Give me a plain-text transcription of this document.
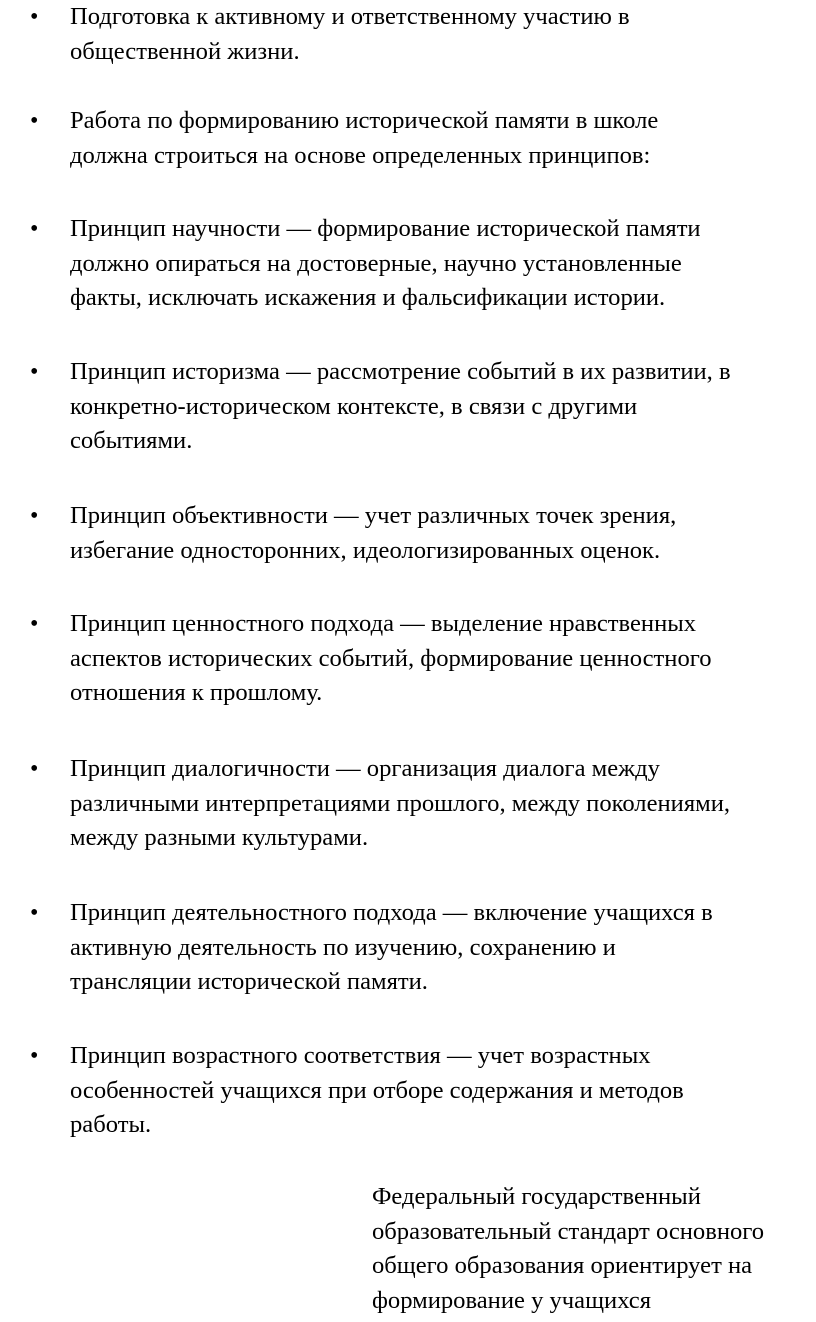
• Подготовка к активному и ответственному участию в
общественной жизни.
• Работа по формированию исторической памяти в школе
должна строиться на основе определенных принципов:
• Принцип научности — формирование исторической памяти
должно опираться на достоверные, научно установленные
факты, исключать искажения и фальсификации истории.
• Принцип историзма — рассмотрение событий в их развитии, в
конкретно-историческом контексте, в связи с другими
событиями.
• Принцип объективности — учет различных точек зрения,
избегание односторонних, идеологизированных оценок.
• Принцип ценностного подхода — выделение нравственных
аспектов исторических событий, формирование ценностного
отношения к прошлому.
• Принцип диалогичности — организация диалога между
различными интерпретациями прошлого, между поколениями,
между разными культурами.
• Принцип деятельностного подхода — включение учащихся в
активную деятельность по изучению, сохранению и
трансляции исторической памяти.
• Принцип возрастного соответствия — учет возрастных
особенностей учащихся при отборе содержания и методов
работы.
Федеральный государственный
образовательный стандарт основного
общего образования ориентирует на
формирование у учащихся
